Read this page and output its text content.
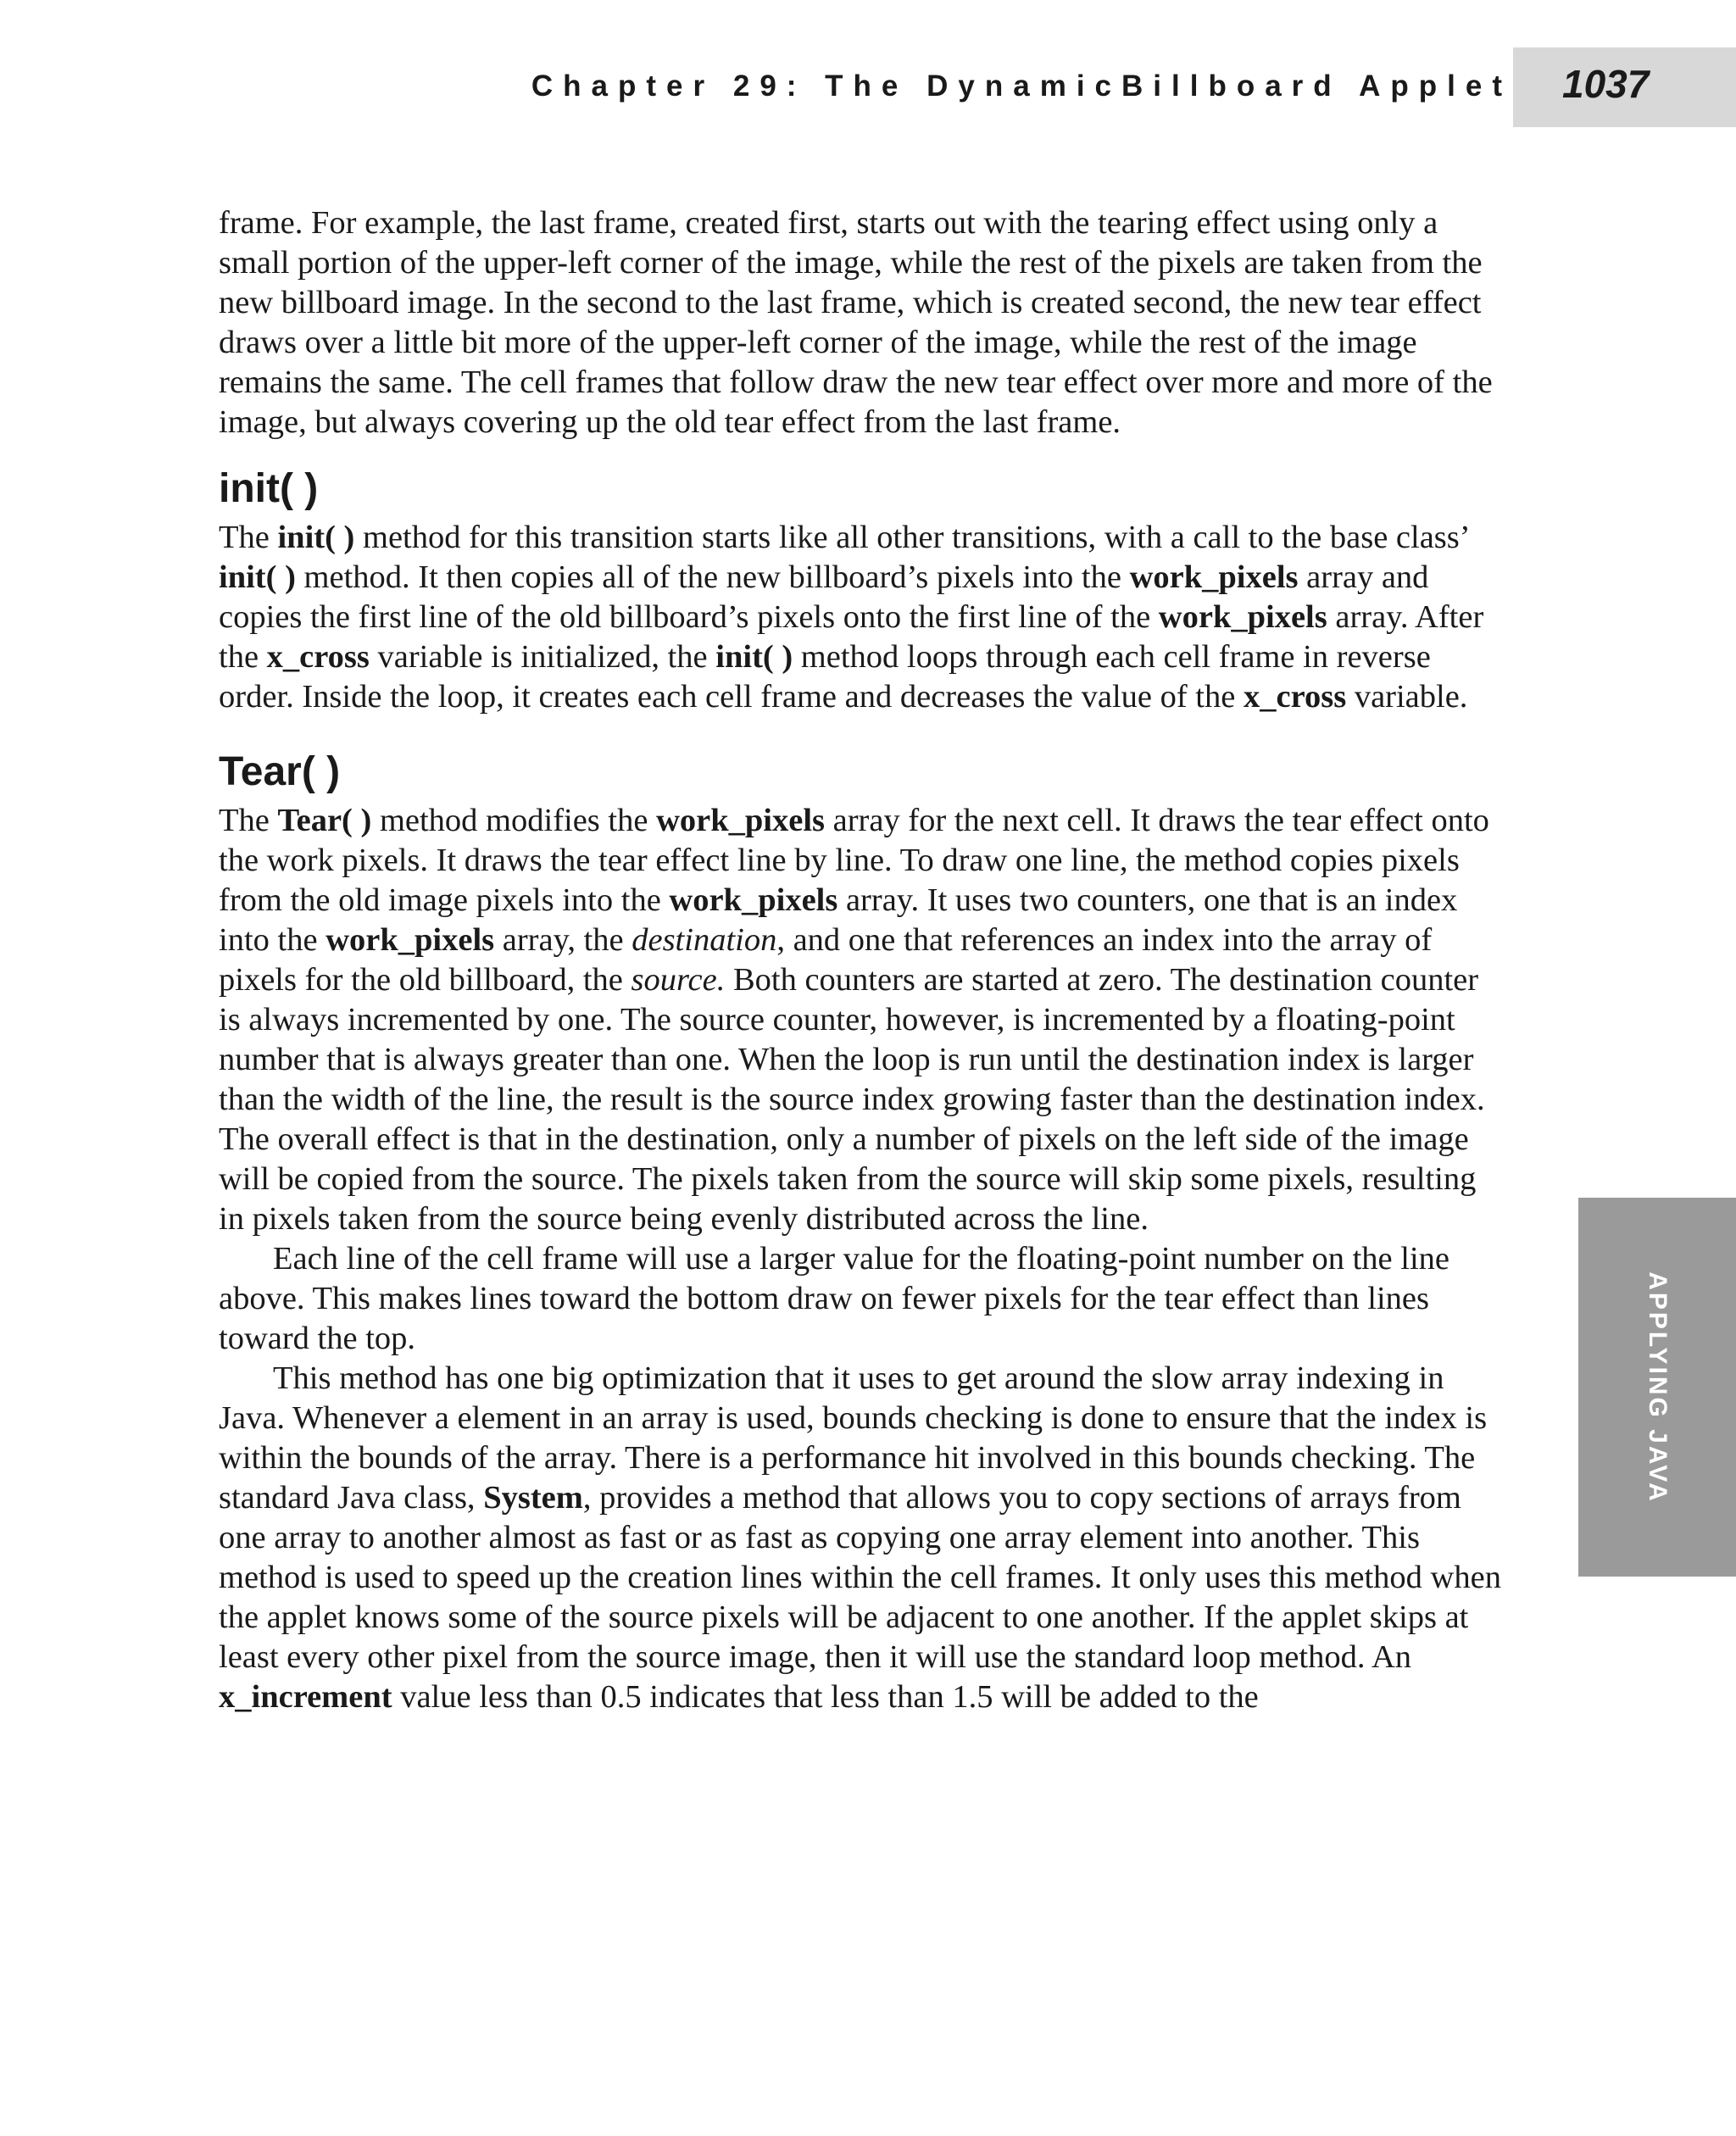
Chapter 29: The DynamicBillboard Applet 1037
APPLYING JAVA

frame. For example, the last frame, created first, starts out with the tearing effect using only a small portion of the upper-left corner of the image, while the rest of the pixels are taken from the new billboard image. In the second to the last frame, which is created second, the new tear effect draws over a little bit more of the upper-left corner of the image, while the rest of the image remains the same. The cell frames that follow draw the new tear effect over more and more of the image, but always covering up the old tear effect from the last frame.

init( )

The init( ) method for this transition starts like all other transitions, with a call to the base class’ init( ) method. It then copies all of the new billboard’s pixels into the work_pixels array and copies the first line of the old billboard’s pixels onto the first line of the work_pixels array. After the x_cross variable is initialized, the init( ) method loops through each cell frame in reverse order. Inside the loop, it creates each cell frame and decreases the value of the x_cross variable.

Tear( )

The Tear( ) method modifies the work_pixels array for the next cell. It draws the tear effect onto the work pixels. It draws the tear effect line by line. To draw one line, the method copies pixels from the old image pixels into the work_pixels array. It uses two counters, one that is an index into the work_pixels array, the destination, and one that references an index into the array of pixels for the old billboard, the source. Both counters are started at zero. The destination counter is always incremented by one. The source counter, however, is incremented by a floating-point number that is always greater than one. When the loop is run until the destination index is larger than the width of the line, the result is the source index growing faster than the destination index. The overall effect is that in the destination, only a number of pixels on the left side of the image will be copied from the source. The pixels taken from the source will skip some pixels, resulting in pixels taken from the source being evenly distributed across the line.

Each line of the cell frame will use a larger value for the floating-point number on the line above. This makes lines toward the bottom draw on fewer pixels for the tear effect than lines toward the top.

This method has one big optimization that it uses to get around the slow array indexing in Java. Whenever a element in an array is used, bounds checking is done to ensure that the index is within the bounds of the array. There is a performance hit involved in this bounds checking. The standard Java class, System, provides a method that allows you to copy sections of arrays from one array to another almost as fast or as fast as copying one array element into another. This method is used to speed up the creation lines within the cell frames. It only uses this method when the applet knows some of the source pixels will be adjacent to one another. If the applet skips at least every other pixel from the source image, then it will use the standard loop method. An x_increment value less than 0.5 indicates that less than 1.5 will be added to the
